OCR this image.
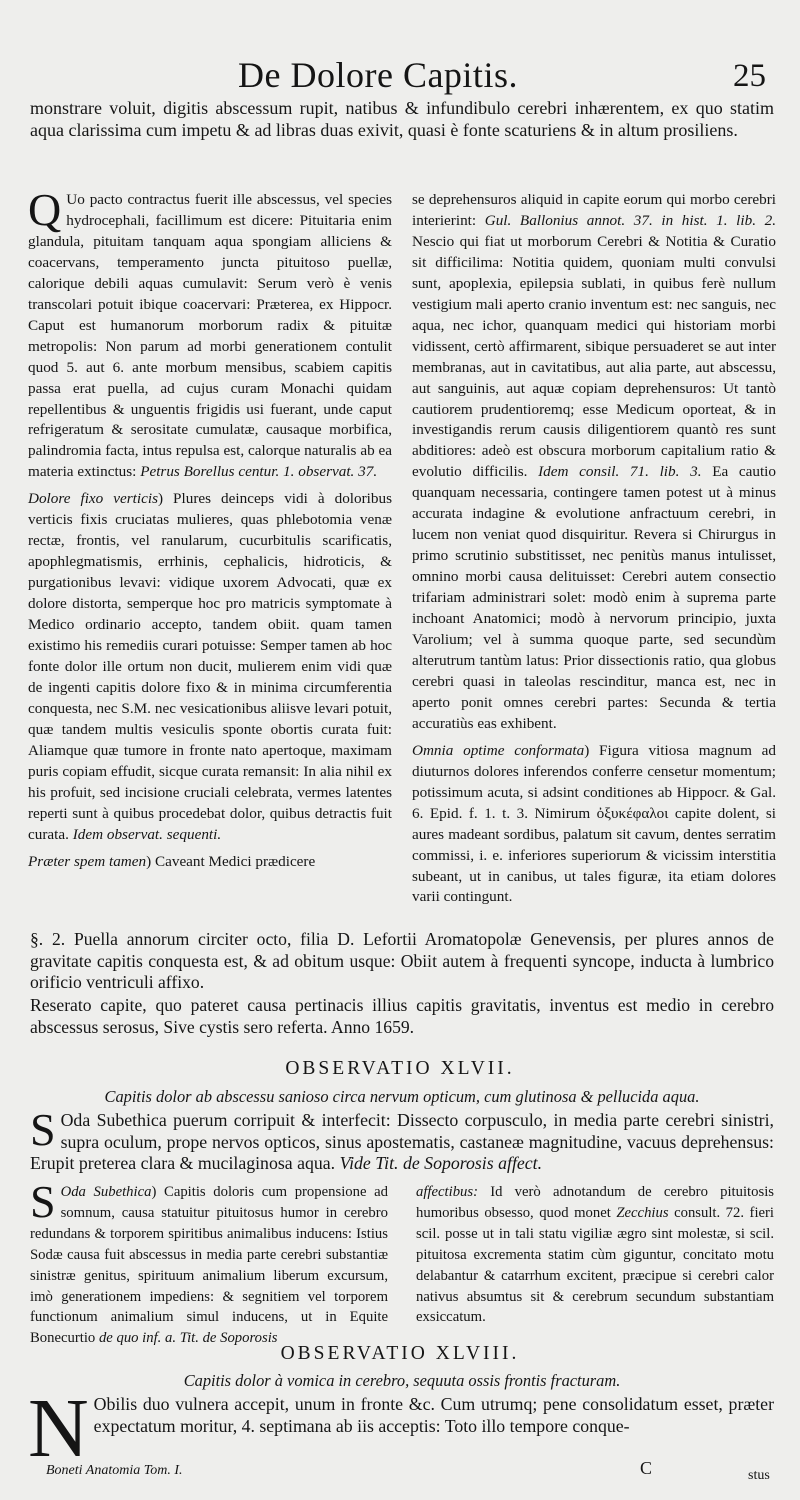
De Dolore Capitis.	25
monstrare voluit, digitis abscessum rupit, natibus & infundibulo cerebri inhærentem, ex quo statim aqua clarissima cum impetu & ad libras duas exivit, quasi è fonte scaturiens & in altum prosiliens.

Q Uo pacto contractus fuerit ille abscessus, vel species hydrocephali, facillimum est dicere: Pituitaria enim glandula, pituitam tanquam aqua spongiam alliciens & coacervans, temperamento juncta pituitoso puellæ, calorique debili aquas cumulavit: Serum verò è venis transcolari potuit ibique coacervari: Præterea, ex Hippocr. Caput est humanorum morborum radix & pituitæ metropolis: Non parum ad morbi generationem contulit quod 5. aut 6. ante morbum mensibus, scabiem capitis passa erat puella, ad cujus curam Monachi quidam repellentibus & unguentis frigidis usi fuerant, unde caput refrigeratum & serositate cumulatæ, causaque morbifica, palindromia facta, intus repulsa est, calorque naturalis ab ea materia extinctus: Petrus Borellus centur. 1. observat. 37.

Dolore fixo verticis) Plures deinceps vidi à doloribus verticis fixis cruciatas mulieres, quas phlebotomia venæ rectæ, frontis, vel ranularum, cucurbitulis scarificatis, apophlegmatismis, errhinis, cephalicis, hidroticis, & purgationibus levavi: vidique uxorem Advocati, quæ ex dolore distorta, semperque hoc pro matricis symptomate à Medico ordinario accepto, tandem obiit. quam tamen existimo his remediis curari potuisse: Semper tamen ab hoc fonte dolor ille ortum non ducit, mulierem enim vidi quæ de ingenti capitis dolore fixo & in minima circumferentia conquesta, nec S.M. nec vesicationibus aliisve levari potuit, quæ tandem multis vesiculis sponte obortis curata fuit: Aliamque quæ tumore in fronte nato apertoque, maximam puris copiam effudit, sicque curata remansit: In alia nihil ex his profuit, sed incisione cruciali celebrata, vermes latentes reperti sunt à quibus procedebat dolor, quibus detractis fuit curata. Idem observat. sequenti.

Præter spem tamen) Caveant Medici prædicere

se deprehensuros aliquid in capite eorum qui morbo cerebri interierint: Gul. Ballonius annot. 37. in hist. 1. lib. 2. Nescio qui fiat ut morborum Cerebri & Notitia & Curatio sit difficilima: Notitia quidem, quoniam multi convulsi sunt, apoplexia, epilepsia sublati, in quibus ferè nullum vestigium mali aperto cranio inventum est: nec sanguis, nec aqua, nec ichor, quanquam medici qui historiam morbi vidissent, certò affirmarent, sibique persuaderet se aut inter membranas, aut in cavitatibus, aut alia parte, aut abscessu, aut sanguinis, aut aquæ copiam deprehensuros: Ut tantò cautiorem prudentioremq; esse Medicum oporteat, & in investigandis rerum causis diligentiorem quantò res sunt abditiores: adeò est obscura morborum capitalium ratio & evolutio difficilis. Idem consil. 71. lib. 3. Ea cautio quanquam necessaria, contingere tamen potest ut à minus accurata indagine & evolutione anfractuum cerebri, in lucem non veniat quod disquiritur. Revera si Chirurgus in primo scrutinio substitisset, nec penitùs manus intulisset, omnino morbi causa delituisset: Cerebri autem consectio trifariam administrari solet: modò enim à suprema parte inchoant Anatomici; modò à nervorum principio, juxta Varolium; vel à summa quoque parte, sed secundùm alterutrum tantùm latus: Prior dissectionis ratio, qua globus cerebri quasi in taleolas rescinditur, manca est, nec in aperto ponit omnes cerebri partes: Secunda & tertia accuratiùs eas exhibent.

Omnia optime conformata) Figura vitiosa magnum ad diuturnos dolores inferendos conferre censetur momentum; potissimum acuta, si adsint conditiones ab Hippocr. & Gal. 6. Epid. f. 1. t. 3. Nimirum ὀξυκέφαλοι capite dolent, si aures madeant sordibus, palatum sit cavum, dentes serratim commissi, i. e. inferiores superiorum & vicissim interstitia subeant, ut in canibus, ut tales figuræ, ita etiam dolores varii contingunt.

§. 2. Puella annorum circiter octo, filia D. Lefortii Aromatopolæ Genevensis, per plures annos de gravitate capitis conquesta est, & ad obitum usque: Obiit autem à frequenti syncope, inducta à lumbrico orificio ventriculi affixo.
Reserato capite, quo pateret causa pertinacis illius capitis gravitatis, inventus est medio in cerebro abscessus serosus, Sive cystis sero referta. Anno 1659.
OBSERVATIO XLVII.
Capitis dolor ab abscessu sanioso circa nervum opticum, cum glutinosa & pellucida aqua.
S Oda Subethica puerum corripuit & interfecit: Dissecto corpusculo, in media parte cerebri sinistri, supra oculum, prope nervos opticos, sinus apostematis, castaneæ magnitudine, vacuus deprehensus: Erupit preterea clara & mucilaginosa aqua. Vide Tit. de Soporosis affect.
S Oda Subethica) Capitis doloris cum propensione ad somnum, causa statuitur pituitosus humor in cerebro redundans & torporem spiritibus animalibus inducens: Istius Sodæ causa fuit abscessus in media parte cerebri substantiæ sinistræ genitus, spirituum animalium liberum excursum, imò generationem impediens: & segnitiem vel torporem functionum animalium simul inducens, ut in Equite Bonecurtio de quo inf. a. Tit. de Soporosis
affectibus: Id verò adnotandum de cerebro pituitosis humoribus obsesso, quod monet Zecchius consult. 72. fieri scil. posse ut in tali statu vigiliæ ægro sint molestæ, si scil. pituitosa excrementa statim cùm giguntur, concitato motu delabantur & catarrhum excitent, præcipue si cerebri calor nativus absumtus sit & cerebrum secundum substantiam exsiccatum.
OBSERVATIO XLVIII.
Capitis dolor à vomica in cerebro, sequuta ossis frontis fracturam.
N Obilis duo vulnera accepit, unum in fronte &c. Cum utrumq; pene consolidatum esset, præter expectatum moritur, 4. septimana ab iis acceptis: Toto illo tempore conque-
Boneti Anatomia Tom. I.	C	stus
